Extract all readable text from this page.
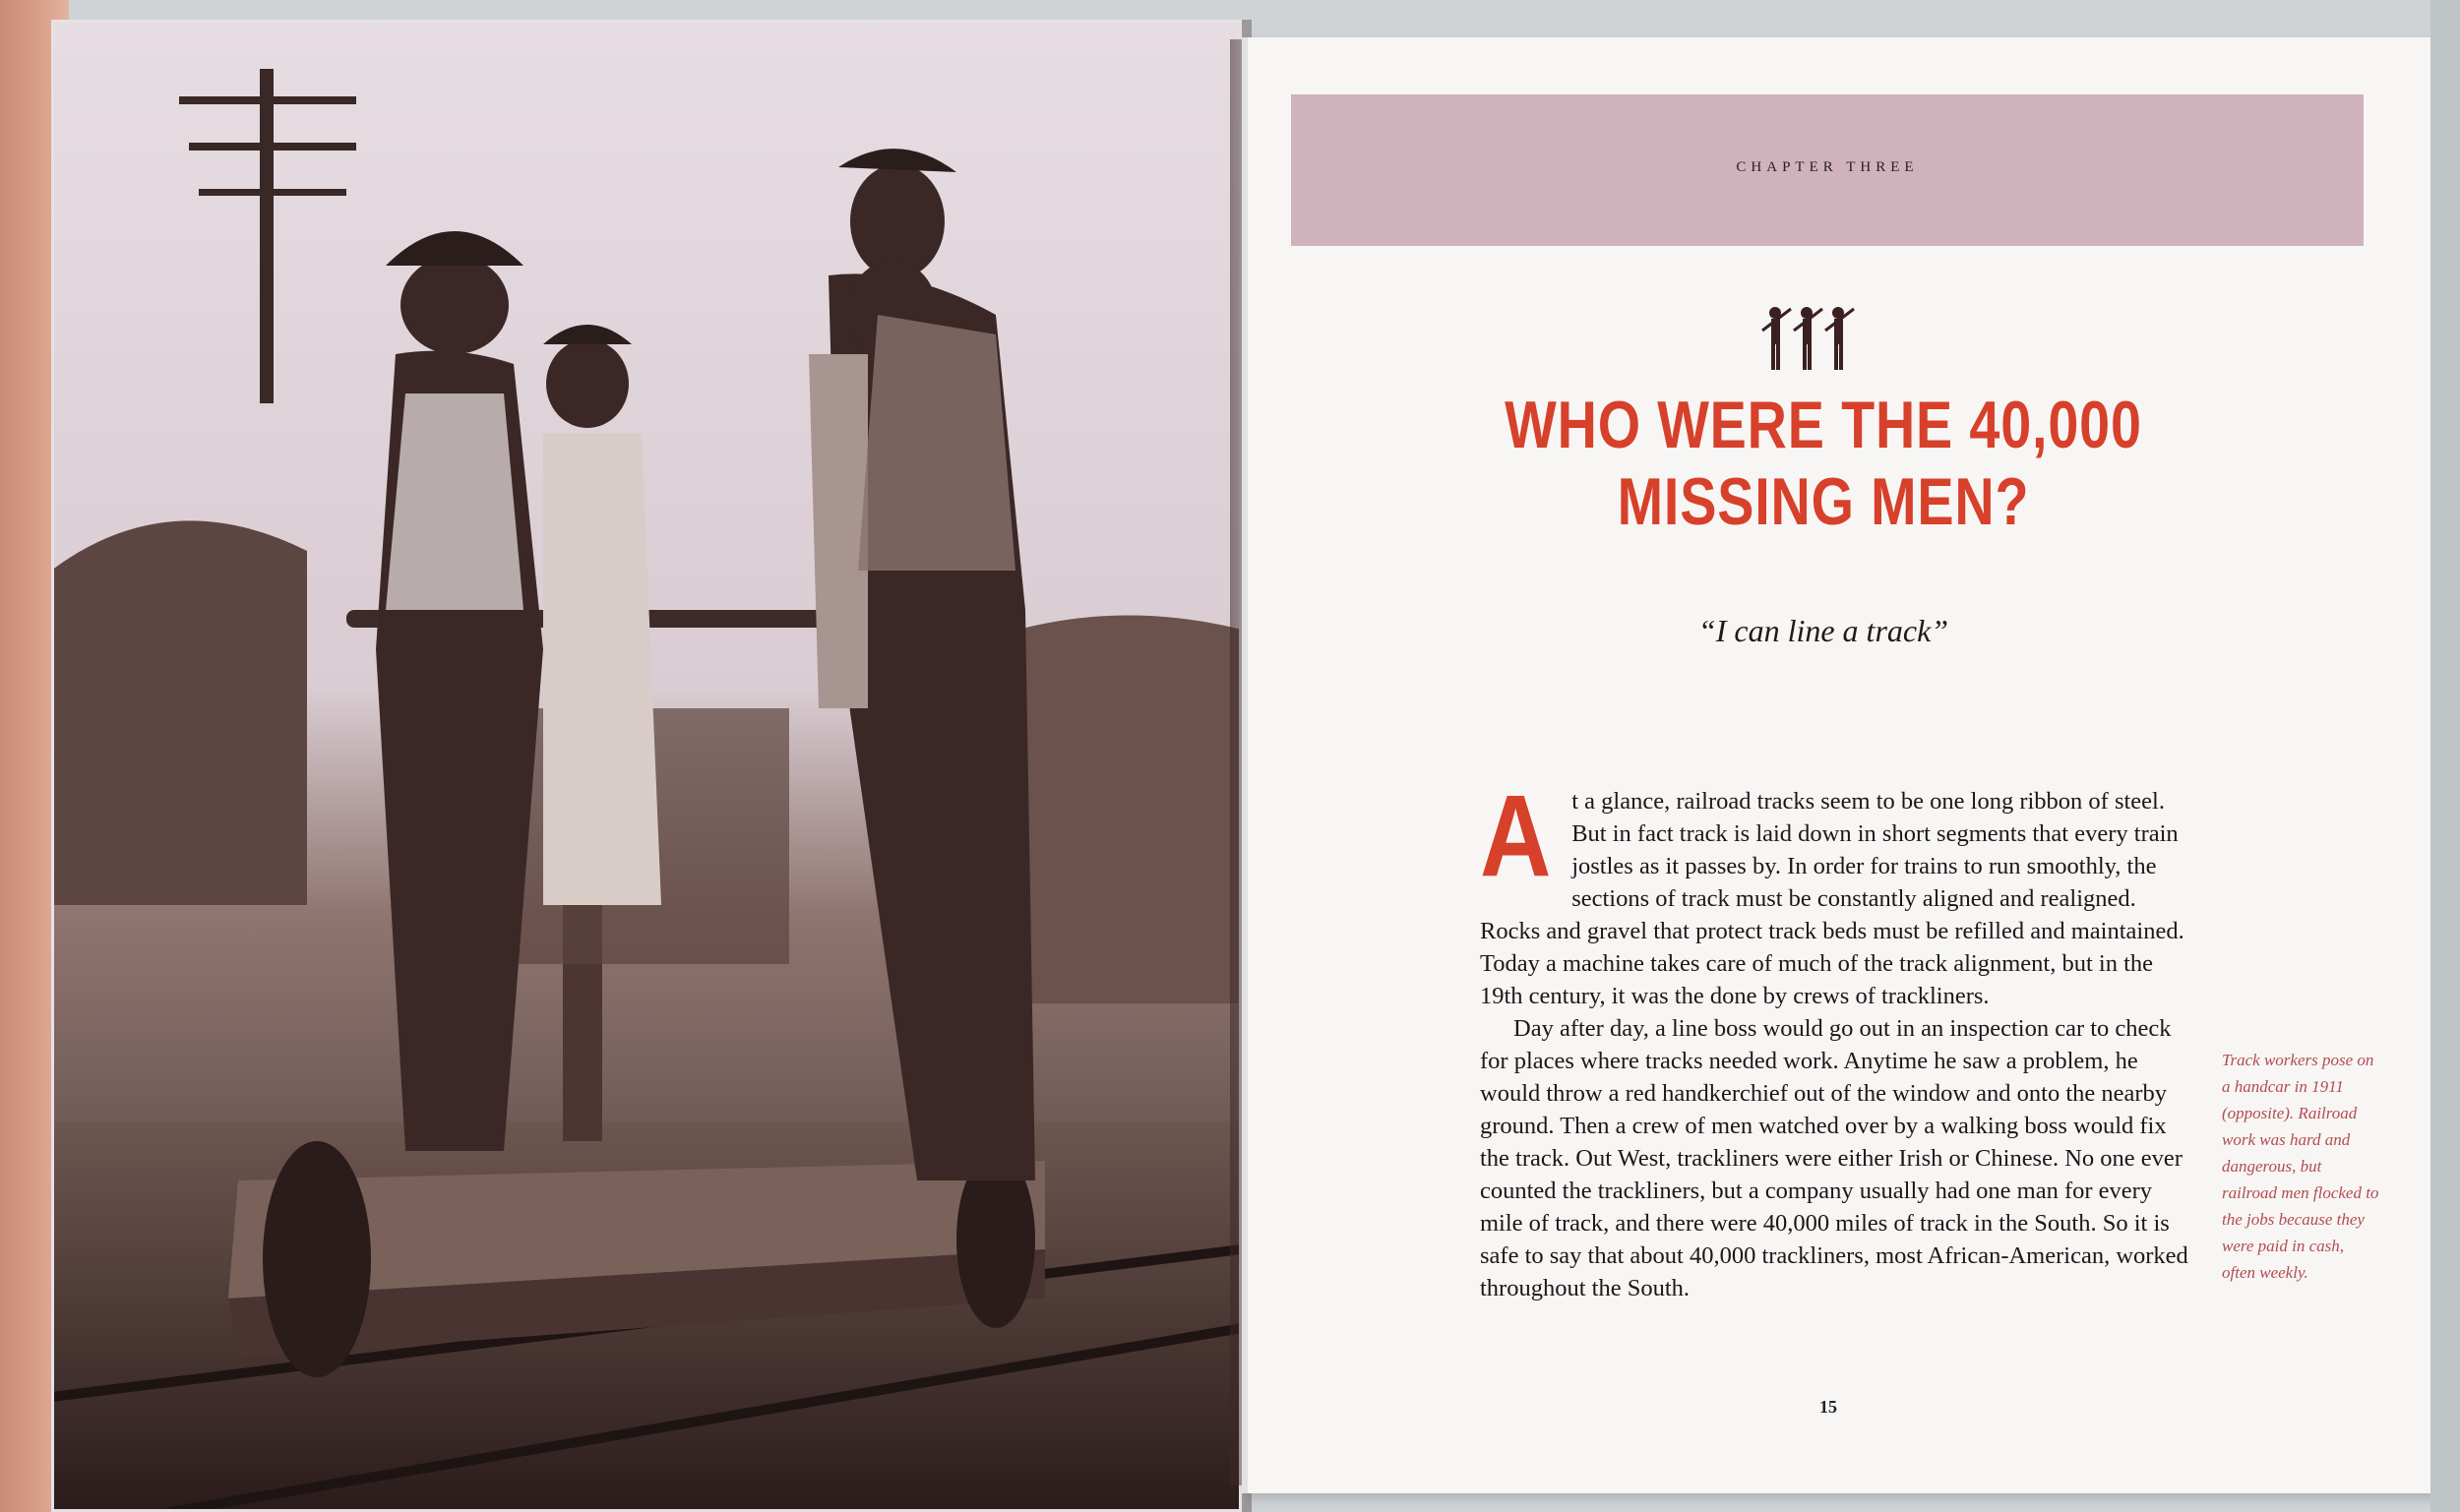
CHAPTER THREE
WHO WERE THE 40,000
MISSING MEN?
“I can line a track”

At a glance, railroad tracks seem to be one long ribbon of steel. But in fact track is laid down in short segments that every train jostles as it passes by. In order for trains to run smoothly, the sections of track must be constantly aligned and realigned. Rocks and gravel that protect track beds must be refilled and maintained. Today a machine takes care of much of the track alignment, but in the 19th century, it was the done by crews of trackliners.

Day after day, a line boss would go out in an inspection car to check for places where tracks needed work. Anytime he saw a problem, he would throw a red handkerchief out of the window and onto the nearby ground. Then a crew of men watched over by a walking boss would fix the track. Out West, trackliners were either Irish or Chinese. No one ever counted the trackliners, but a company usually had one man for every mile of track, and there were 40,000 miles of track in the South. So it is safe to say that about 40,000 trackliners, most African-American, worked throughout the South.

Track workers pose on a handcar in 1911 (opposite). Railroad work was hard and dangerous, but railroad men flocked to the jobs because they were paid in cash, often weekly.
15
